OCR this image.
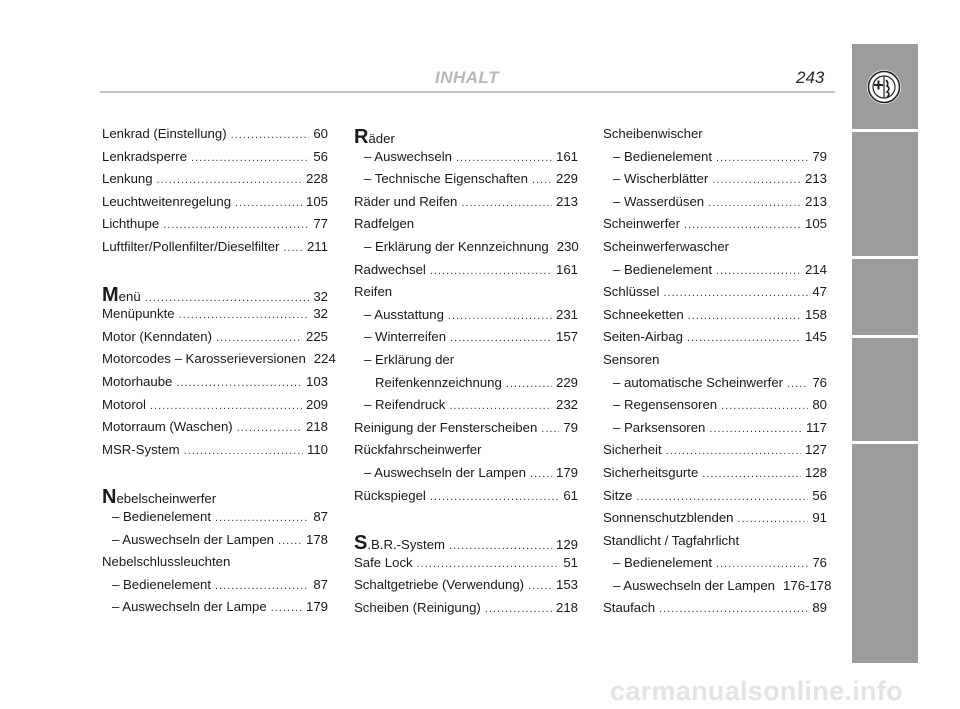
INHALT	243
Lenkrad (Einstellung) .....	60
Lenkradsperre .....	56
Lenkung .....	228
Leuchtweitenregelung .....	105
Lichthupe .....	77
Luftfilter/Pollenfilter/Dieselfilter ..... 211
Menü .....	32
Menüpunkte .....	32
Motor (Kenndaten) .....	225
Motorcodes – Karosserieversionen 224
Motorhaube .....	103
Motorol .....	209
Motorraum (Waschen) .....	218
MSR-System .....	110
Nebelscheinwerfer
– Bedienelement .....	87
– Auswechseln der Lampen ..... 178
Nebelschlussleuchten
– Bedienelement .....	87
– Auswechseln der Lampe .....	179
Räder
– Auswechseln .....	161
– Technische Eigenschaften ..... 229
Räder und Reifen .....	213
Radfelgen
– Erklärung der Kennzeichnung 230
Radwechsel .....	161
Reifen
– Ausstattung .....	231
– Winterreifen .....	157
– Erklärung der
Reifenkennzeichnung .....	229
– Reifendruck .....	232
Reinigung der Fensterscheiben ..... 79
Rückfahrscheinwerfer
– Auswechseln der Lampen ..... 179
Rückspiegel .....	61
S.B.R.-System .....	129
Safe Lock .....	51
Schaltgetriebe (Verwendung) ..... 153
Scheiben (Reinigung) .....	218
Scheibenwischer
– Bedienelement .....	79
– Wischerblätter .....	213
– Wasserdüsen .....	213
Scheinwerfer .....	105
Scheinwerferwascher
– Bedienelement .....	214
Schlüssel .....	47
Schneeketten .....	158
Seiten-Airbag .....	145
Sensoren
– automatische Scheinwerfer ..... 76
– Regensensoren .....	80
– Parksensoren .....	117
Sicherheit .....	127
Sicherheitsgurte .....	128
Sitze .....	56
Sonnenschutzblenden .....	91
Standlicht / Tagfahrlicht
– Bedienelement .....	76
– Auswechseln der Lampen 176-178
Staufach .....	89
carmanualsonline.info
